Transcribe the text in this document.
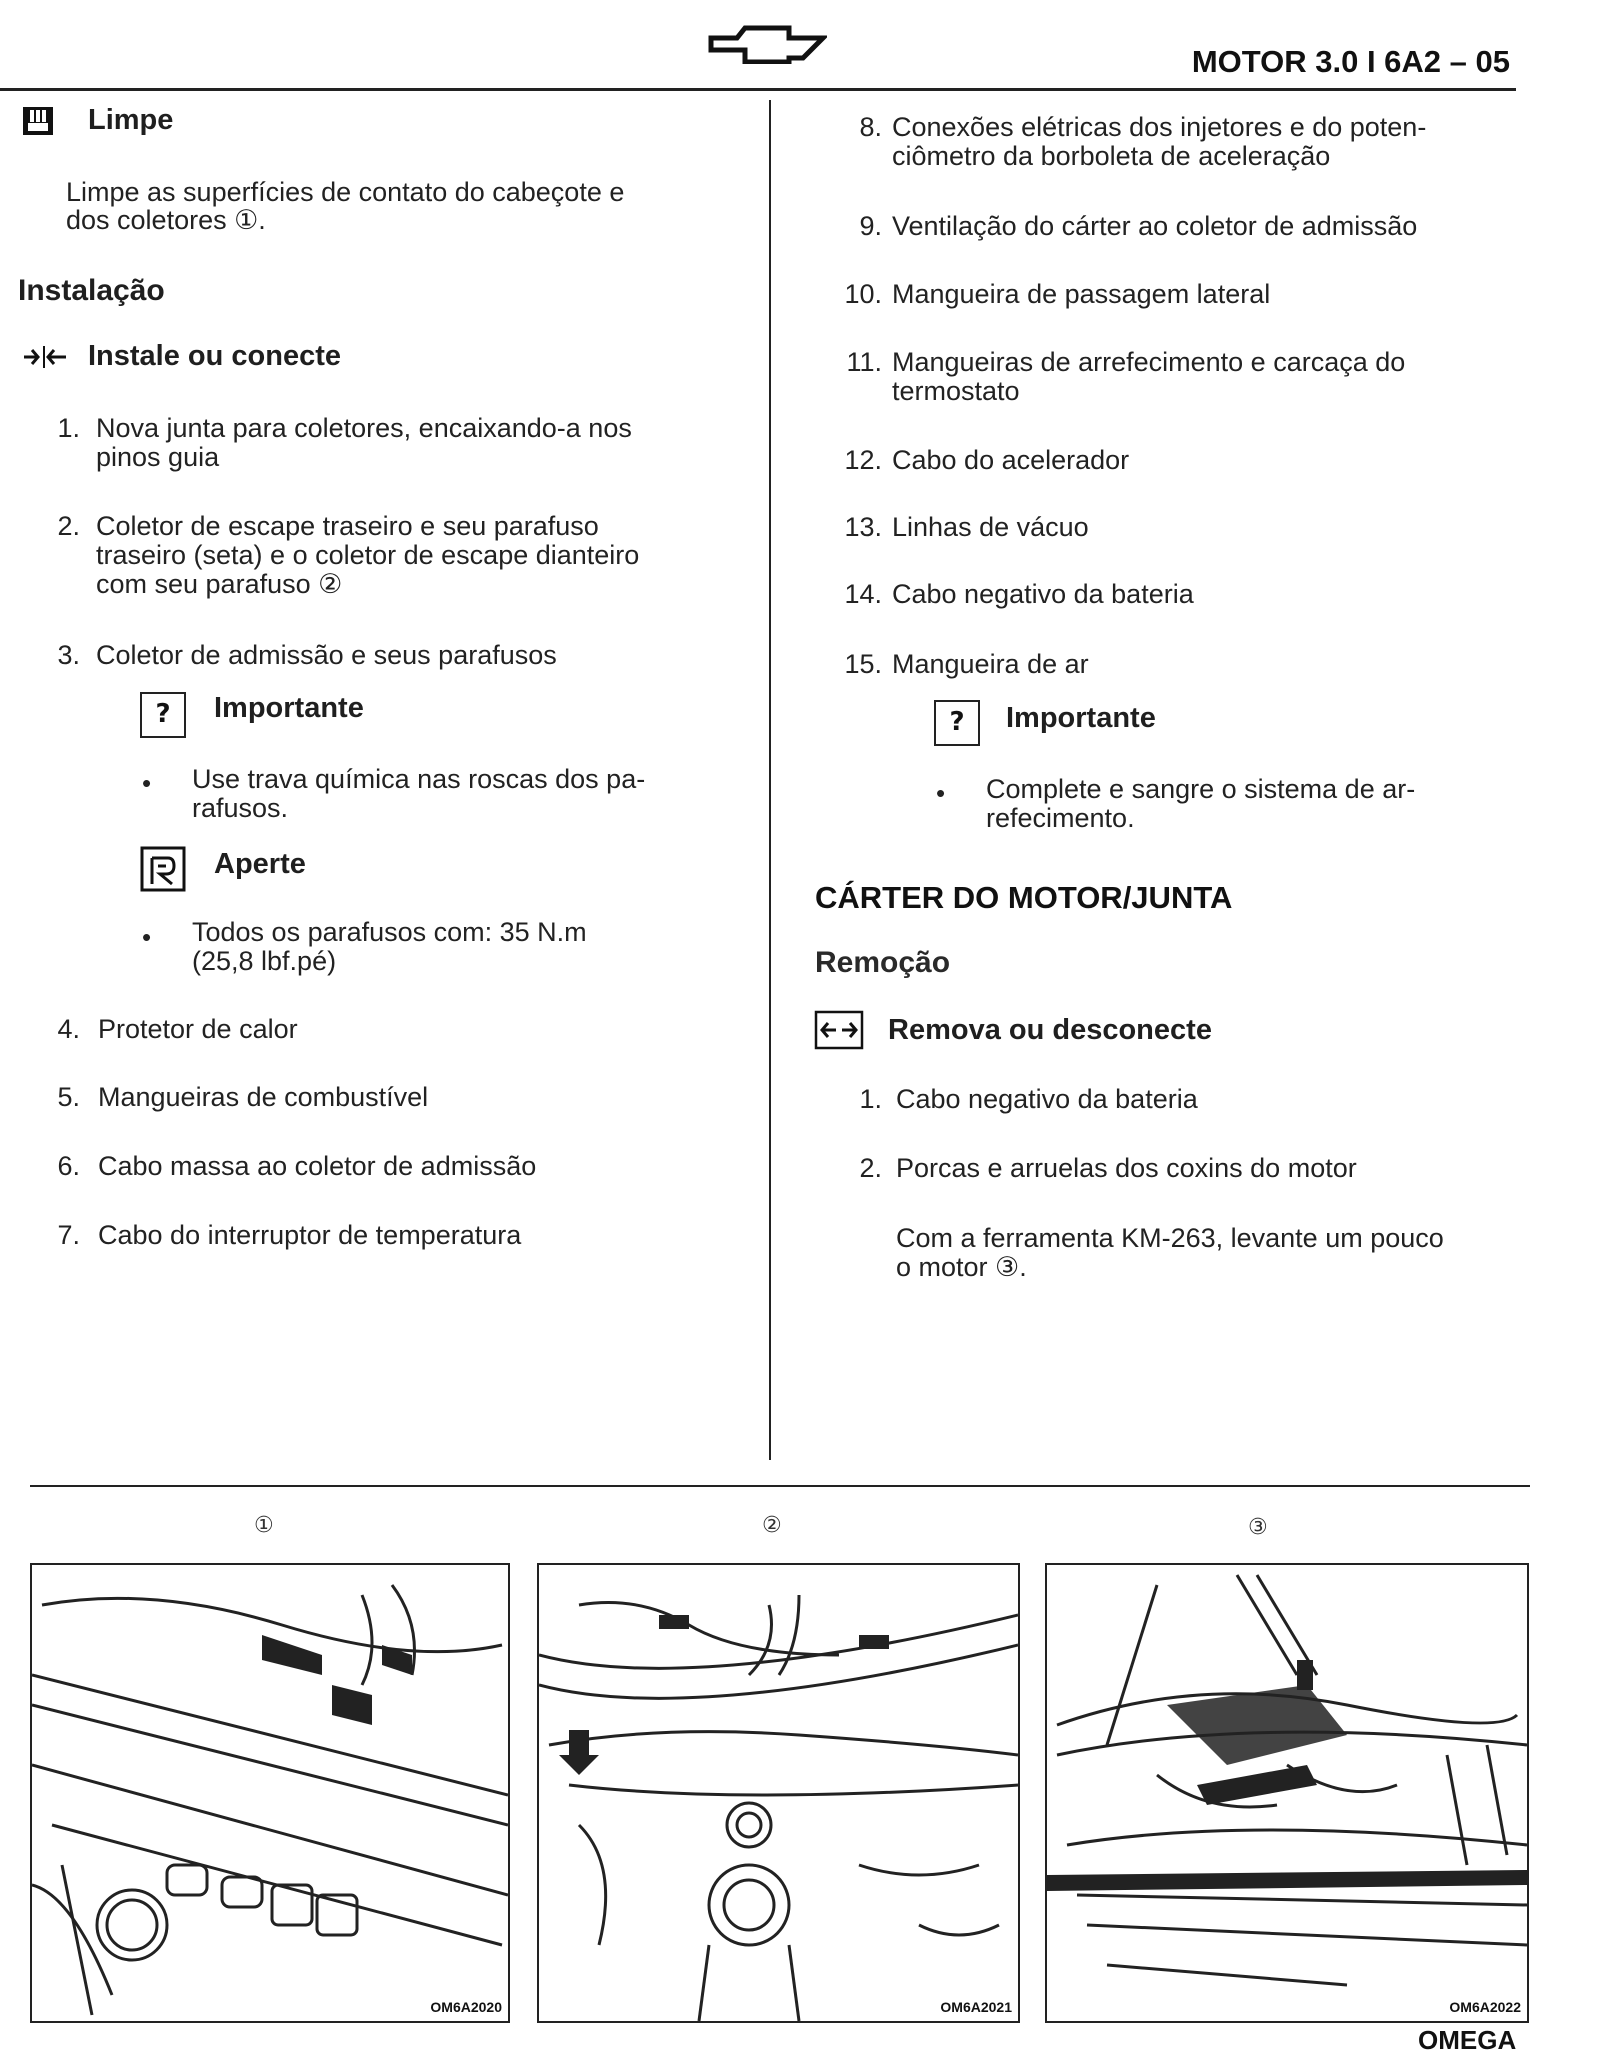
MOTOR 3.0 I 6A2 – 05
Limpe
Limpe as superfícies de contato do cabeçote e
dos coletores ①.
Instalação
Instale ou conecte
1. Nova junta para coletores, encaixando-a nos
pinos guia
2. Coletor de escape traseiro e seu parafuso
traseiro (seta) e o coletor de escape dianteiro
com seu parafuso ②
3. Coletor de admissão e seus parafusos
?	Importante
• Use trava química nas roscas dos pa-
rafusos.
Aperte
• Todos os parafusos com: 35 N.m
(25,8 lbf.pé)
4. Protetor de calor
5. Mangueiras de combustível
6. Cabo massa ao coletor de admissão
7. Cabo do interruptor de temperatura
8. Conexões elétricas dos injetores e do poten-
ciômetro da borboleta de aceleração
9. Ventilação do cárter ao coletor de admissão
10. Mangueira de passagem lateral
11. Mangueiras de arrefecimento e carcaça do
termostato
12. Cabo do acelerador
13. Linhas de vácuo
14. Cabo negativo da bateria
15. Mangueira de ar
?	Importante
• Complete e sangre o sistema de ar-
refecimento.
CÁRTER DO MOTOR/JUNTA
Remoção
Remova ou desconecte
1. Cabo negativo da bateria
2. Porcas e arruelas dos coxins do motor
Com a ferramenta KM-263, levante um pouco
o motor ③.
①	②	③
OM6A2020	OM6A2021	OM6A2022
OMEGA
